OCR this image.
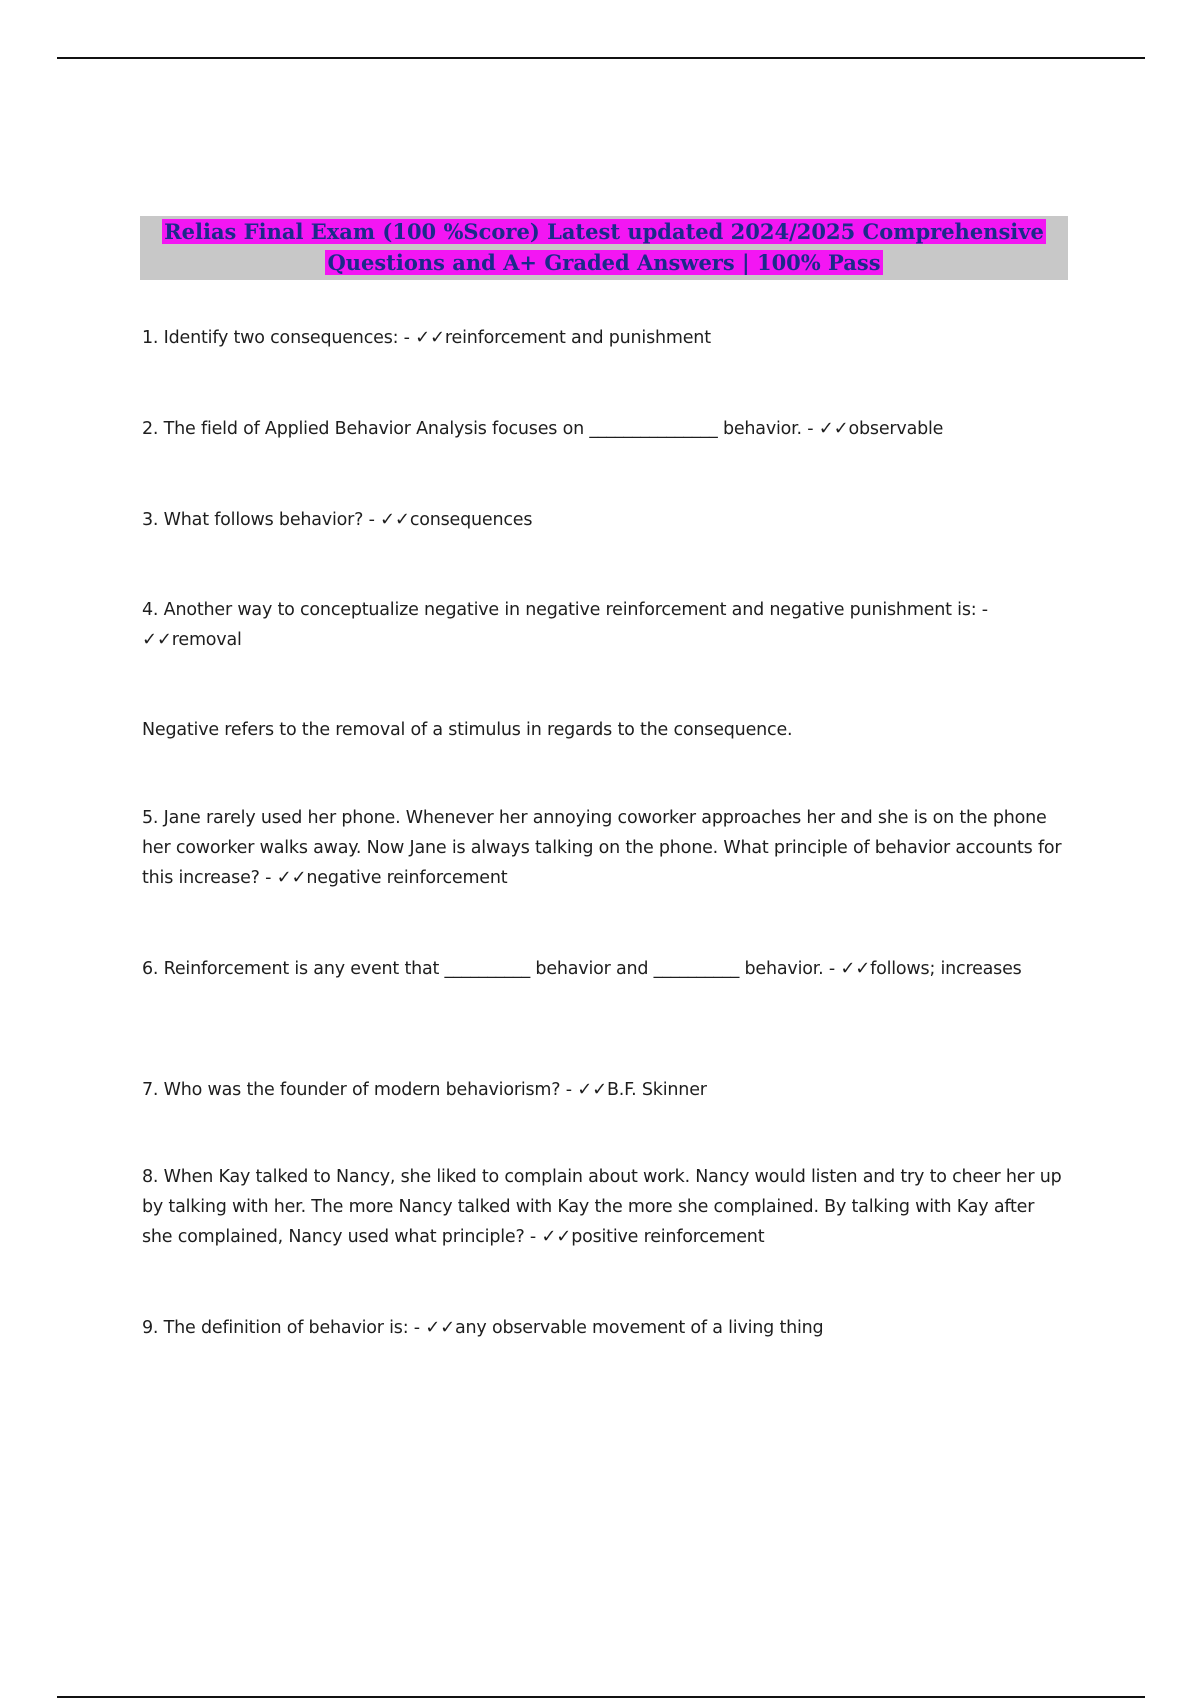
Relias Final Exam (100 %Score) Latest updated 2024/2025 Comprehensive
Questions and A+ Graded Answers | 100% Pass
1. Identify two consequences: - ✓✓reinforcement and punishment
2. The field of Applied Behavior Analysis focuses on _______________ behavior. - ✓✓observable
3. What follows behavior? - ✓✓consequences
4. Another way to conceptualize negative in negative reinforcement and negative punishment is: -
✓✓removal
Negative refers to the removal of a stimulus in regards to the consequence.
5. Jane rarely used her phone. Whenever her annoying coworker approaches her and she is on the phone her coworker walks away. Now Jane is always talking on the phone. What principle of behavior accounts for this increase? - ✓✓negative reinforcement
6. Reinforcement is any event that __________ behavior and __________ behavior. - ✓✓follows; increases
7. Who was the founder of modern behaviorism? - ✓✓B.F. Skinner
8. When Kay talked to Nancy, she liked to complain about work. Nancy would listen and try to cheer her up by talking with her. The more Nancy talked with Kay the more she complained. By talking with Kay after she complained, Nancy used what principle? - ✓✓positive reinforcement
9. The definition of behavior is: - ✓✓any observable movement of a living thing
